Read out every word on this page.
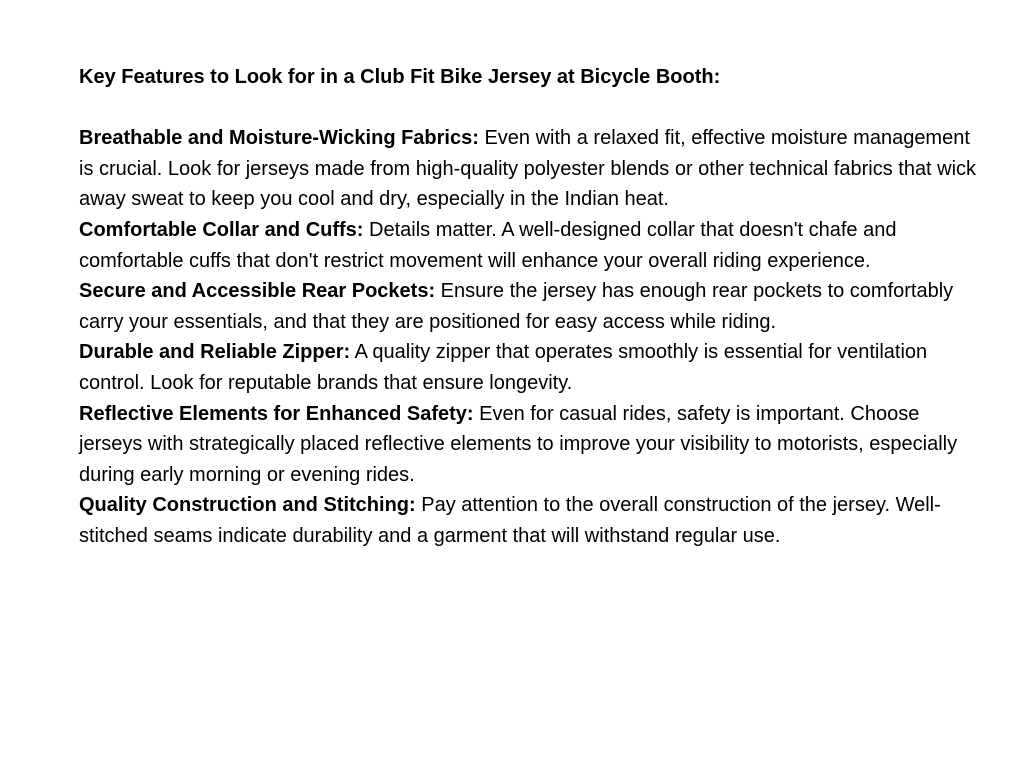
Key Features to Look for in a Club Fit Bike Jersey at Bicycle Booth:

Breathable and Moisture-Wicking Fabrics: Even with a relaxed fit, effective moisture management is crucial. Look for jerseys made from high-quality polyester blends or other technical fabrics that wick away sweat to keep you cool and dry, especially in the Indian heat.

Comfortable Collar and Cuffs: Details matter. A well-designed collar that doesn't chafe and comfortable cuffs that don't restrict movement will enhance your overall riding experience.

Secure and Accessible Rear Pockets: Ensure the jersey has enough rear pockets to comfortably carry your essentials, and that they are positioned for easy access while riding.

Durable and Reliable Zipper: A quality zipper that operates smoothly is essential for ventilation control. Look for reputable brands that ensure longevity.

Reflective Elements for Enhanced Safety: Even for casual rides, safety is important. Choose jerseys with strategically placed reflective elements to improve your visibility to motorists, especially during early morning or evening rides.

Quality Construction and Stitching: Pay attention to the overall construction of the jersey. Well-stitched seams indicate durability and a garment that will withstand regular use.
